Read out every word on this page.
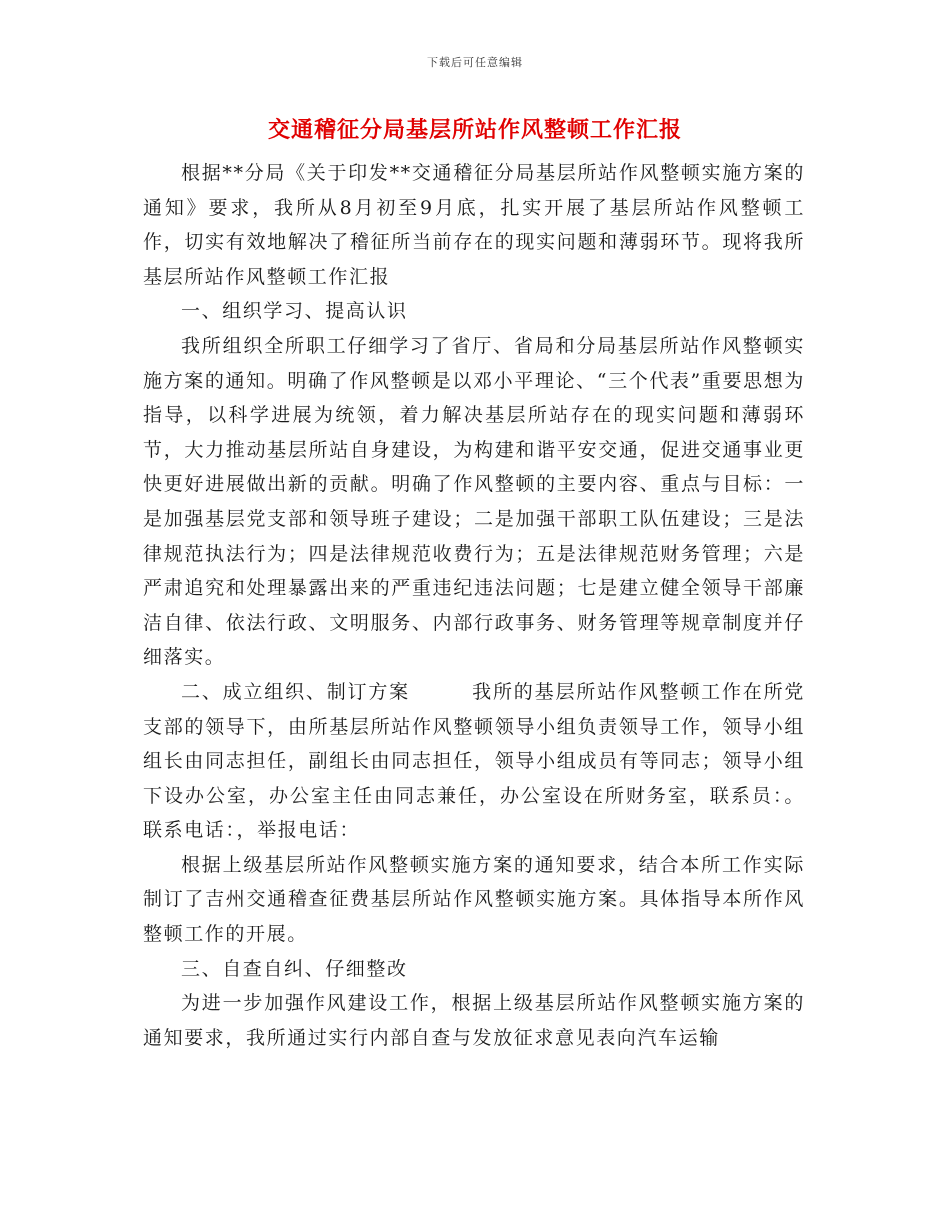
下载后可任意编辑
交通稽征分局基层所站作风整顿工作汇报

根据**分局《关于印发**交通稽征分局基层所站作风整顿实施方案的通知》要求，我所从8月初至9月底，扎实开展了基层所站作风整顿工作，切实有效地解决了稽征所当前存在的现实问题和薄弱环节。现将我所基层所站作风整顿工作汇报

一、组织学习、提高认识

我所组织全所职工仔细学习了省厅、省局和分局基层所站作风整顿实施方案的通知。明确了作风整顿是以邓小平理论、“三个代表”重要思想为指导，以科学进展为统领，着力解决基层所站存在的现实问题和薄弱环节，大力推动基层所站自身建设，为构建和谐平安交通，促进交通事业更快更好进展做出新的贡献。明确了作风整顿的主要内容、重点与目标：一是加强基层党支部和领导班子建设；二是加强干部职工队伍建设；三是法律规范执法行为；四是法律规范收费行为；五是法律规范财务管理；六是严肃追究和处理暴露出来的严重违纪违法问题；七是建立健全领导干部廉洁自律、依法行政、文明服务、内部行政事务、财务管理等规章制度并仔细落实。

二、成立组织、制订方案	我所的基层所站作风整顿工作在所党支部的领导下，由所基层所站作风整顿领导小组负责领导工作，领导小组组长由同志担任，副组长由同志担任，领导小组成员有等同志；领导小组下设办公室，办公室主任由同志兼任，办公室设在所财务室，联系员：。联系电话：，举报电话：

根据上级基层所站作风整顿实施方案的通知要求，结合本所工作实际制订了吉州交通稽查征费基层所站作风整顿实施方案。具体指导本所作风整顿工作的开展。

三、自查自纠、仔细整改

为进一步加强作风建设工作，根据上级基层所站作风整顿实施方案的通知要求，我所通过实行内部自查与发放征求意见表向汽车运输
